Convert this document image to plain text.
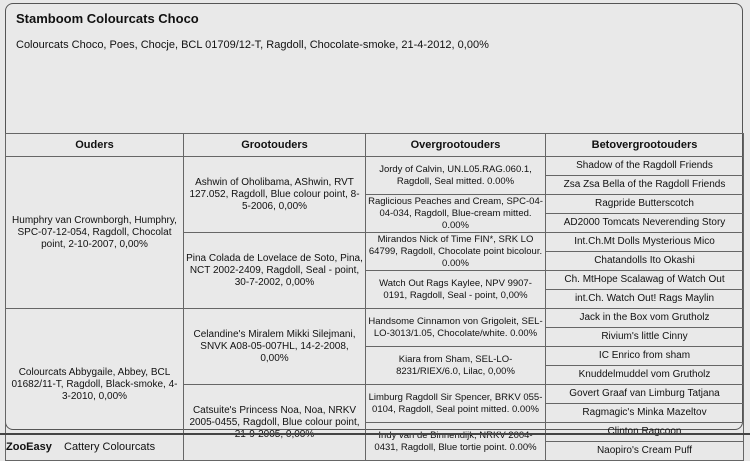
Stamboom Colourcats Choco
Colourcats Choco, Poes, Chocje, BCL 01709/12-T, Ragdoll, Chocolate-smoke, 21-4-2012, 0,00%
Ouders	Grootouders	Overgrootouders	Betovergrootouders
Humphry van Crownborgh, Humphry, SPC-07-12-054, Ragdoll, Chocolat point, 2-10-2007, 0,00%	Ashwin of Oholibama, AShwin, RVT 127.052, Ragdoll, Blue colour point, 8-5-2006, 0,00%	Jordy of Calvin, UN.L05.RAG.060.1, Ragdoll, Seal mitted. 0.00%	Shadow of the Ragdoll Friends
			Zsa Zsa Bella of the Ragdoll Friends
		Raglicious Peaches and Cream, SPC-04-04-034, Ragdoll, Blue-cream mitted. 0.00%	Ragpride Butterscotch
			AD2000 Tomcats Neverending Story
	Pina Colada de Lovelace de Soto, Pina, NCT 2002-2409, Ragdoll, Seal - point, 30-7-2002, 0,00%	Mirandos Nick of Time FIN*, SRK LO 64799, Ragdoll, Chocolate point bicolour. 0.00%	Int.Ch.Mt Dolls Mysterious Mico
			Chatandolls Ito Okashi
		Watch Out Rags Kaylee, NPV 9907-0191, Ragdoll, Seal - point, 0,00%	Ch. MtHope Scalawag of Watch Out
			int.Ch. Watch Out! Rags Maylin
Colourcats Abbygaile, Abbey, BCL 01682/11-T, Ragdoll, Black-smoke, 4-3-2010, 0,00%	Celandine's Miralem Mikki Silejmani, SNVK A08-05-007HL, 14-2-2008, 0,00%	Handsome Cinnamon von Grigoleit, SEL-LO-3013/1.05, Chocolate/white. 0.00%	Jack in the Box vom Grutholz
			Rivium's little Cinny
		Kiara from Sham, SEL-LO-8231/RIEX/6.0, Lilac, 0,00%	IC Enrico from sham
			Knuddelmuddel vom Grutholz
	Catsuite's Princess Noa, Noa, NRKV 2005-0455, Ragdoll, Blue colour point, 21-9-2005, 0,00%	Limburg Ragdoll Sir Spencer, BRKV 055-0104, Ragdoll, Seal point mitted. 0.00%	Govert Graaf van Limburg Tatjana
			Ragmagic's Minka Mazeltov
		Indy van de Binnendijk, NRKV 2004-0431, Ragdoll, Blue tortie point. 0.00%	Clinton Ragcoon
			Naopiro's Cream Puff
ZooEasy Cattery Colourcats
